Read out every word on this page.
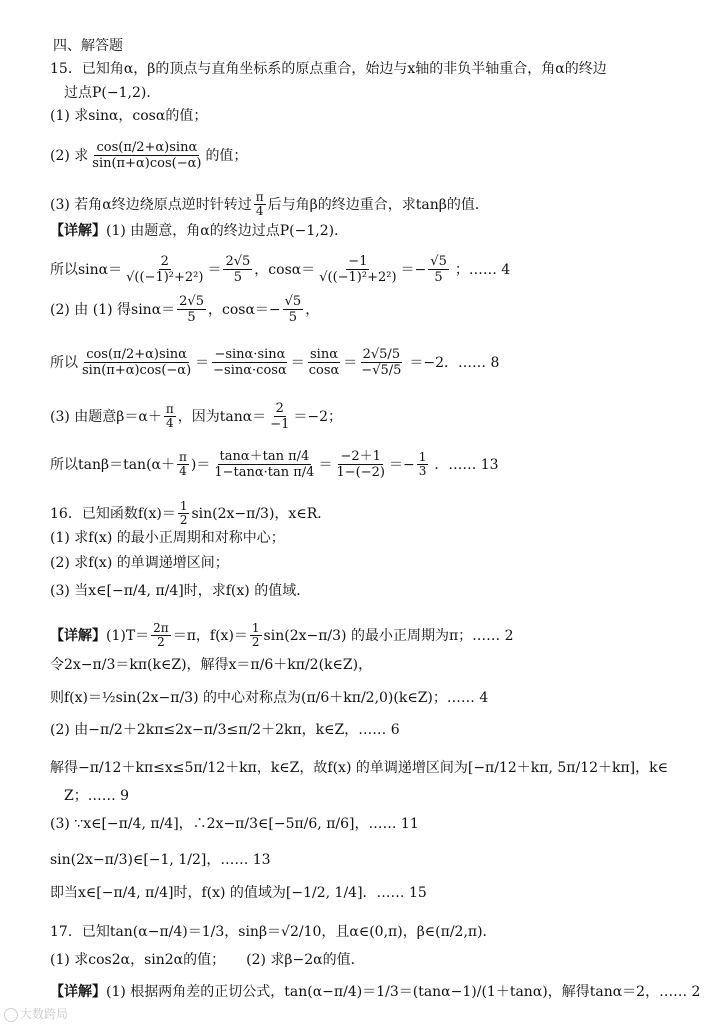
四、解答题
15．已知角α，β的顶点与直角坐标系的原点重合，始边与x轴的非负半轴重合，角α的终边
过点P(−1,2)．
(1) 求sinα，cosα的值；
(2) 求 $\frac{\cos(\pi/2+\alpha)\sin\alpha}{\sin(\pi+\alpha)\cos(-\alpha)}$ 的值；
(3) 若角α终边绕原点逆时针转过 $\frac{\pi}{4}$ 后与角β的终边重合，求tanβ的值．
【详解】 (1) 由题意，角α的终边过点P(−1,2)．
所以$\sin\alpha= \frac{2}{\text{√((−1)²+2²)}} = \frac{2√5}{5}$ ，$\cos\alpha= \frac{-1}{\text{√((−1)²+2²)}} =- \frac{√5}{5}$ ；…… 4
(2) 由 (1) 得$\sin\alpha= \frac{2√5}{5}$ ，$\cos\alpha=- \frac{√5}{5}$ ，
所以 $\frac{\cos(\pi/2+\alpha)\sin\alpha}{\sin(\pi+\alpha)\cos(-\alpha)} = \frac{-\sin\alpha\cdot\sin\alpha}{-\sin\alpha\cdot\cos\alpha} = \frac{\sin\alpha}{\cos\alpha} = \frac{2√5/5}{-√5/5} =-2$．…… 8
(3) 由题意$\beta=\alpha+ \frac{\pi}{4}$ ，因为$\tan\alpha= \frac{2}{-1} =-2$；
所以$\tan\beta=\tan(\alpha+ \frac{\pi}{4}$ )＝ $\frac{\text{tanα＋tan π/4}}{\text{1−tanα·tan π/4}} = \frac{-2+1}{1-(-2)} =- \frac{1}{3}$ ．…… 13
16．已知函数$f(x)= \frac{1}{2} \sin(2x-\pi/3)$，x∈R．
(1) 求f(x) 的最小正周期和对称中心；
(2) 求f(x) 的单调递增区间；
(3) 当x∈[−π/4, π/4]时，求f(x) 的值域．
【详解】 $(1)T= \frac{2\pi}{2} =\pi$，$f(x)= \frac{1}{2} \sin(2x-\pi/3)$ 的最小正周期为π；…… 2
令2x−π/3＝kπ(k∈Z)，解得x＝π/6＋kπ/2(k∈Z)，
则f(x)＝½sin(2x−π/3) 的中心对称点为(π/6＋kπ/2,0)(k∈Z)；…… 4
(2) 由−π/2＋2kπ≤2x−π/3≤π/2＋2kπ，k∈Z，…… 6
解得−π/12＋kπ≤x≤5π/12＋kπ，k∈Z，故f(x) 的单调递增区间为[−π/12＋kπ, 5π/12＋kπ]，k∈
Z；…… 9
(3) ∵x∈[−π/4, π/4]，∴2x−π/3∈[−5π/6, π/6]，…… 11
sin(2x−π/3)∈[−1, 1/2]，…… 13
即当x∈[−π/4, π/4]时，f(x) 的值域为[−1/2, 1/4]．…… 15
17．已知tan(α−π/4)＝1/3，sinβ＝√2/10，且α∈(0,π)，β∈(π/2,π)．
(1) 求cos2α，sin2α的值；　　(2) 求β−2α的值．
【详解】 (1) 根据两角差的正切公式，tan(α−π/4)＝1/3＝(tanα−1)/(1＋tanα)，解得tanα＝2，…… 2
大数跨局
